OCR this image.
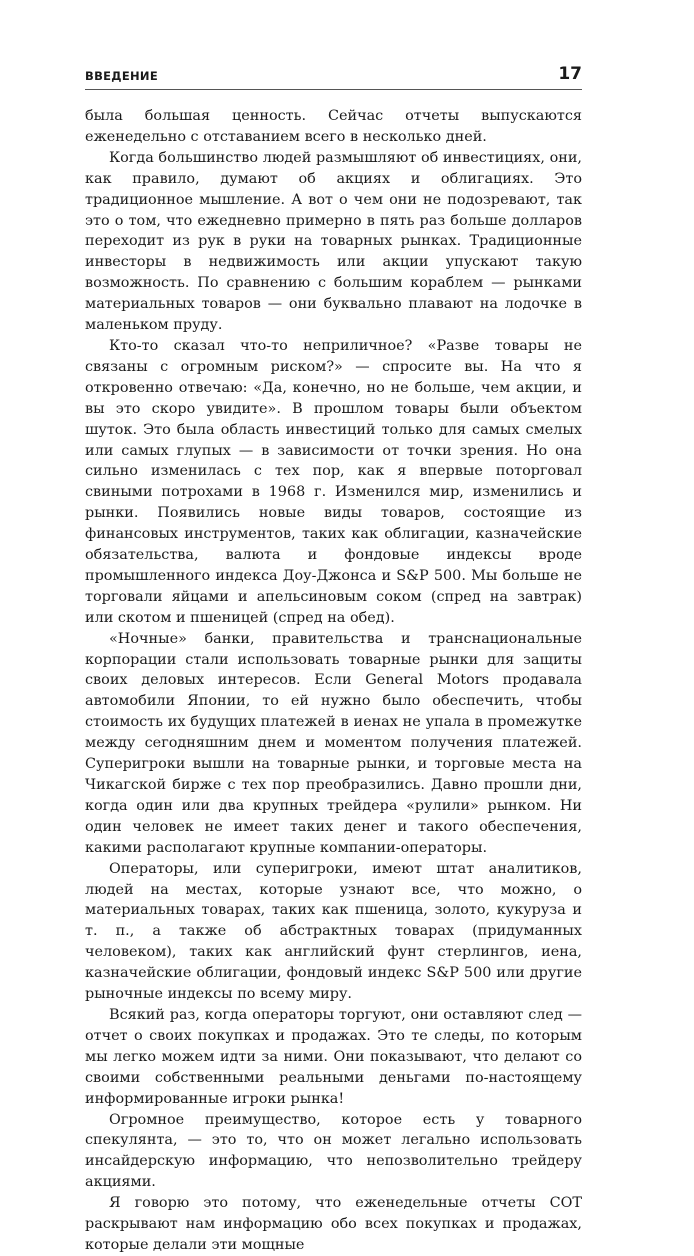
ВВЕДЕНИЕ	17

была большая ценность. Сейчас отчеты выпускаются еженедельно с отставанием всего в несколько дней.

Когда большинство людей размышляют об инвестициях, они, как правило, думают об акциях и облигациях. Это традиционное мышление. А вот о чем они не подозревают, так это о том, что ежедневно примерно в пять раз больше долларов переходит из рук в руки на товарных рынках. Традиционные инвесторы в недвижимость или акции упускают такую возможность. По сравнению с большим кораблем — рынками материальных товаров — они буквально плавают на лодочке в маленьком пруду.

Кто-то сказал что-то неприличное? «Разве товары не связаны с огромным риском?» — спросите вы. На что я откровенно отвечаю: «Да, конечно, но не больше, чем акции, и вы это скоро увидите». В прошлом товары были объектом шуток. Это была область инвестиций только для самых смелых или самых глупых — в зависимости от точки зрения. Но она сильно изменилась с тех пор, как я впервые поторговал свиными потрохами в 1968 г. Изменился мир, изменились и рынки. Появились новые виды товаров, состоящие из финансовых инструментов, таких как облигации, казначейские обязательства, валюта и фондовые индексы вроде промышленного индекса Доу-Джонса и S&P 500. Мы больше не торговали яйцами и апельсиновым соком (спред на завтрак) или скотом и пшеницей (спред на обед).

«Ночные» банки, правительства и транснациональные корпорации стали использовать товарные рынки для защиты своих деловых интересов. Если General Motors продавала автомобили Японии, то ей нужно было обеспечить, чтобы стоимость их будущих платежей в иенах не упала в промежутке между сегодняшним днем и моментом получения платежей. Суперигроки вышли на товарные рынки, и торговые места на Чикагской бирже с тех пор преобразились. Давно прошли дни, когда один или два крупных трейдера «рулили» рынком. Ни один человек не имеет таких денег и такого обеспечения, какими располагают крупные компании-операторы.

Операторы, или суперигроки, имеют штат аналитиков, людей на местах, которые узнают все, что можно, о материальных товарах, таких как пшеница, золото, кукуруза и т. п., а также об абстрактных товарах (придуманных человеком), таких как английский фунт стерлингов, иена, казначейские облигации, фондовый индекс S&P 500 или другие рыночные индексы по всему миру.

Всякий раз, когда операторы торгуют, они оставляют след — отчет о своих покупках и продажах. Это те следы, по которым мы легко можем идти за ними. Они показывают, что делают со своими собственными реальными деньгами по-настоящему информированные игроки рынка!

Огромное преимущество, которое есть у товарного спекулянта, — это то, что он может легально использовать инсайдерскую информацию, что непозволительно трейдеру акциями.

Я говорю это потому, что еженедельные отчеты COT раскрывают нам информацию обо всех покупках и продажах, которые делали эти мощные
